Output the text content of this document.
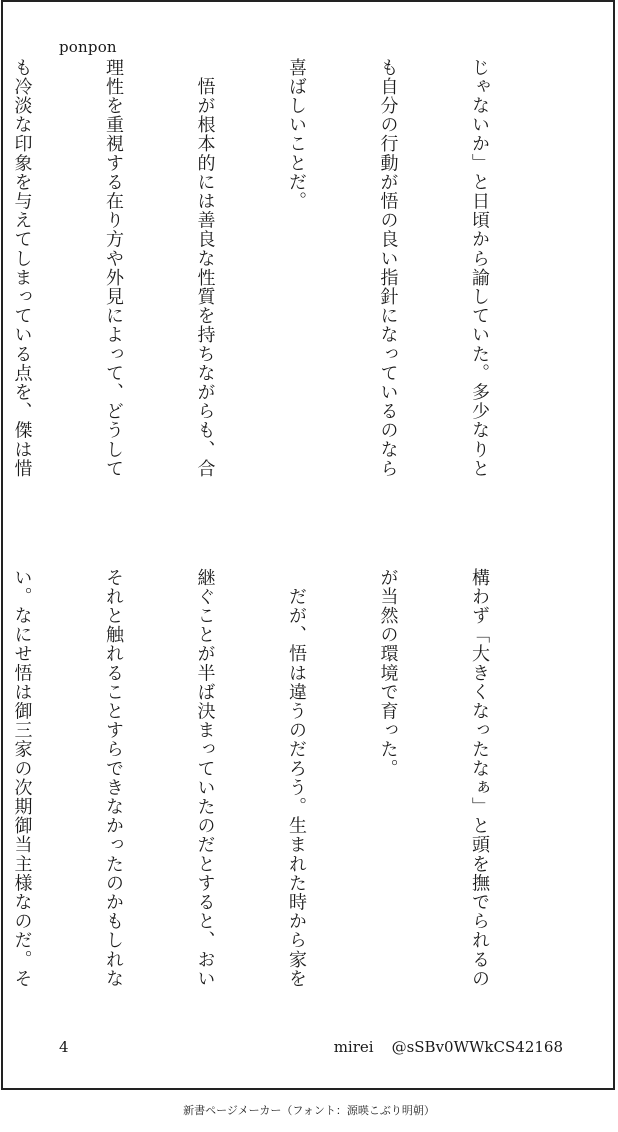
ponpon

じゃないか」と日頃から諭していた。多少なりと

も自分の行動が悟の良い指針になっているのなら

喜ばしいことだ。

　悟が根本的には善良な性質を持ちながらも、合

理性を重視する在り方や外見によって、どうして

も冷淡な印象を与えてしまっている点を、傑は惜

構わず「大きくなったなぁ」と頭を撫でられるの

が当然の環境で育った。

　だが、悟は違うのだろう。生まれた時から家を

継ぐことが半ば決まっていたのだとすると、おい

それと触れることすらできなかったのかもしれな

い。なにせ悟は御三家の次期御当主様なのだ。そ

4	mirei @sSBv0WWkCS42168
新書ページメーカー（フォント：源暎こぶり明朝）
